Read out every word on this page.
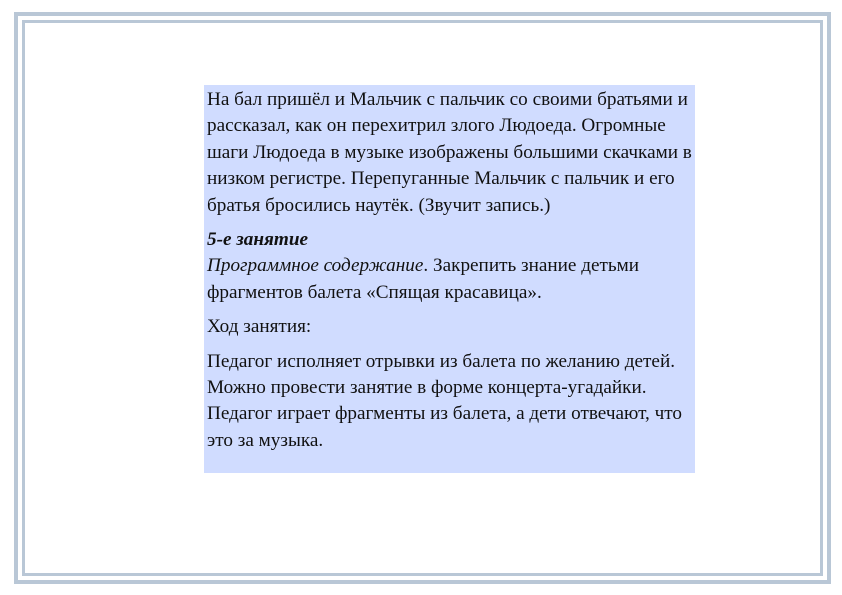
На бал пришёл и Мальчик с пальчик со своими братьями и рассказал, как он перехитрил злого Людоеда. Огромные шаги Людоеда в музыке изображены большими скачками в низком регистре. Перепуганные Мальчик с пальчик и его братья бросились наутёк. (Звучит запись.)

5-е занятие

Программное содержание. Закрепить знание детьми фрагментов балета «Спящая красавица».

Ход занятия:

Педагог исполняет отрывки из балета по желанию детей. Можно провести занятие в форме концерта-угадайки. Педагог играет фрагменты из балета, а дети отвечают, что это за музыка.
